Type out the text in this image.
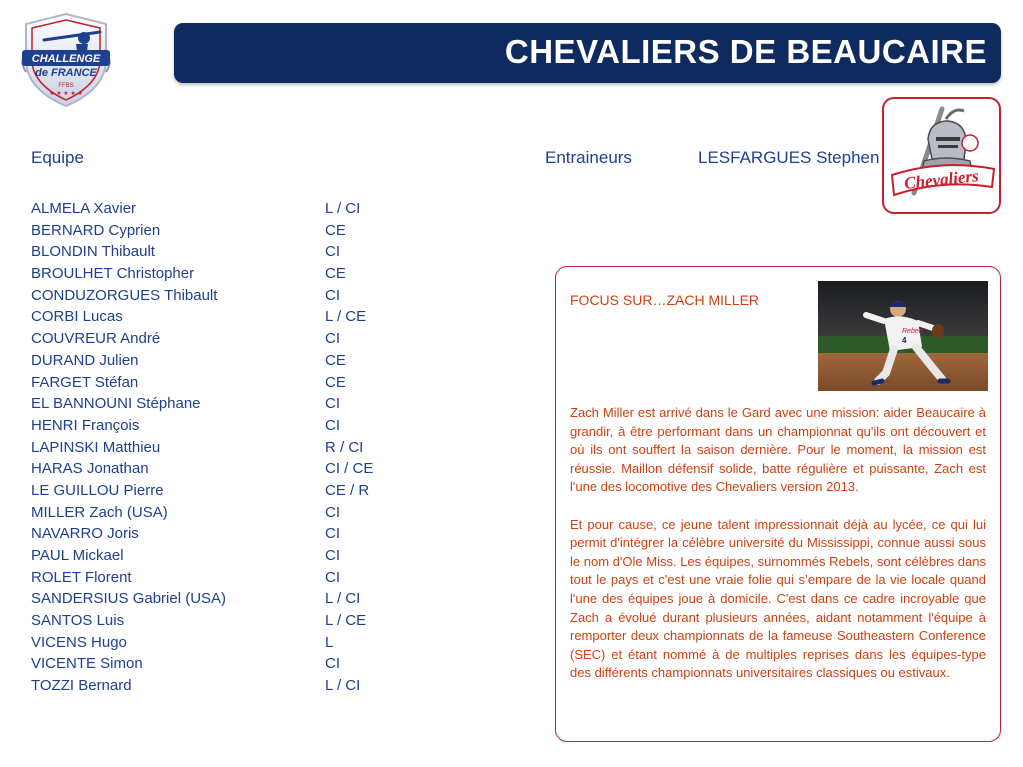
CHALLENGE
de FRANCE
FFBS
★ ★ ★ ★ ★
CHEVALIERS DE BEAUCAIRE
Chevaliers
Equipe	Entraineurs	LESFARGUES Stephen
ALMELA Xavier	L / CI
BERNARD Cyprien	CE
BLONDIN Thibault	CI
BROULHET Christopher	CE
CONDUZORGUES Thibault	CI
CORBI Lucas	L / CE
COUVREUR André	CI
DURAND Julien	CE
FARGET Stéfan	CE
EL BANNOUNI Stéphane	CI
HENRI François	CI
LAPINSKI Matthieu	R / CI
HARAS Jonathan	CI / CE
LE GUILLOU Pierre	CE / R
MILLER Zach (USA)	CI
NAVARRO Joris	CI
PAUL Mickael	CI
ROLET Florent	CI
SANDERSIUS Gabriel (USA)	L / CI
SANTOS Luis	L / CE
VICENS Hugo	L
VICENTE Simon	CI
TOZZI Bernard	L / CI
FOCUS SUR…ZACH MILLER
Rebels
4

Zach Miller est arrivé dans le Gard avec une mission: aider Beaucaire à grandir, à être performant dans un championnat qu'ils ont découvert et où ils ont souffert la saison dernière. Pour le moment, la mission est réussie. Maillon défensif solide, batte régulière et puissante, Zach est l'une des locomotive des Chevaliers version 2013.

Et pour cause, ce jeune talent impressionnait déjà au lycée, ce qui lui permit d'intégrer la célèbre université du Mississippi, connue aussi sous le nom d'Ole Miss. Les équipes, surnommés Rebels, sont célèbres dans tout le pays et c'est une vraie folie qui s’empare de la vie locale quand l'une des équipes joue à domicile. C'est dans ce cadre incroyable que Zach a évolué durant plusieurs années, aidant notamment l'équipe à remporter deux championnats de la fameuse Southeastern Conference (SEC) et étant nommé à de multiples reprises dans les équipes-type des différents championnats universitaires classiques ou estivaux.
